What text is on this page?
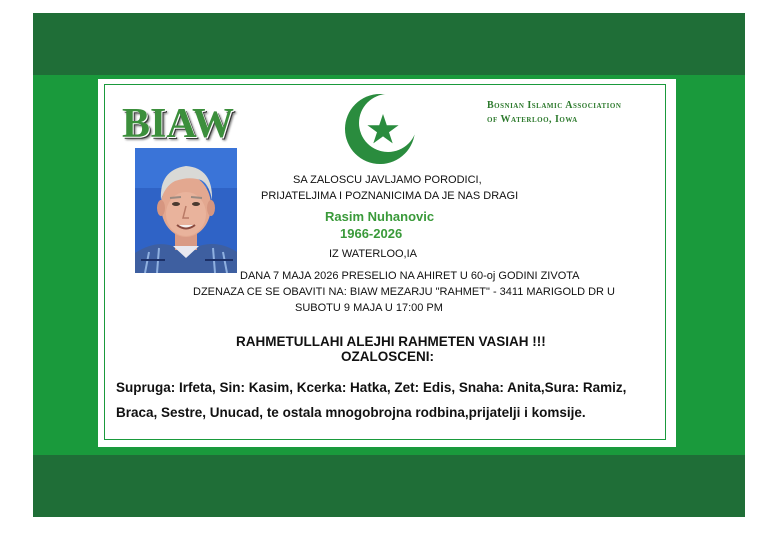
BIAW	Bosnian Islamic Association
of Waterloo, Iowa
SA ZALOSCU JAVLJAMO PORODICI,
PRIJATELJIMA I POZNANICIMA DA JE NAS DRAGI
Rasim Nuhanovic
1966-2026
IZ WATERLOO,IA
DANA 7 MAJA 2026 PRESELIO NA AHIRET U 60-oj GODINI ZIVOTA
DZENAZA CE SE OBAVITI NA: BIAW MEZARJU "RAHMET" - 3411 MARIGOLD DR U
SUBOTU 9 MAJA U 17:00 PM
RAHMETULLAHI ALEJHI RAHMETEN VASIAH !!!
OZALOSCENI:
Supruga: Irfeta, Sin: Kasim, Kcerka: Hatka, Zet: Edis, Snaha: Anita,Sura: Ramiz,
Braca, Sestre, Unucad, te ostala mnogobrojna rodbina,prijatelji i komsije.
